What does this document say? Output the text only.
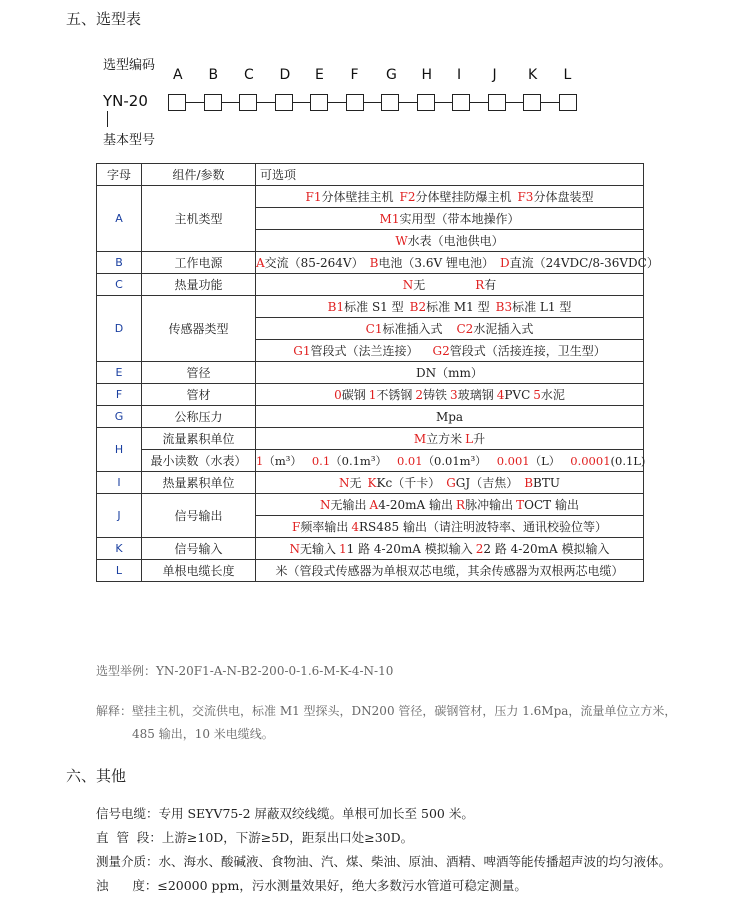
五、选型表
选型编码
A B C D E F G H I J K L
YN-20
基本型号
字母	组件/参数	可选项
A	主机类型	F1分体壁挂主机 F2分体壁挂防爆主机 F3分体盘装型
		M1实用型（带本地操作）
		W水表（电池供电）
B	工作电源	A交流（85-264V） B电池（3.6V 锂电池） D直流（24VDC/8-36VDC）
C	热量功能	N无 R有
D	传感器类型	B1标准 S1 型 B2标准 M1 型 B3标准 L1 型
		C1标准插入式 C2水泥插入式
		G1管段式（法兰连接） G2管段式（活接连接，卫生型）
E	管径	DN（mm）
F	管材	0碳钢 1不锈钢 2铸铁 3玻璃钢 4PVC 5水泥
G	公称压力	Mpa
H	流量累积单位	M立方米 L升
	最小读数（水表）	1（m³） 0.1（0.1m³） 0.01（0.01m³） 0.001（L） 0.0001(0.1L)
I	热量累积单位	N无 KKc（千卡） GGJ（吉焦） BBTU
J	信号输出	N无输出 A4-20mA 输出 R脉冲输出 TOCT 输出
		F频率输出 4RS485 输出（请注明波特率、通讯校验位等）
K	信号输入	N无输入 11 路 4-20mA 模拟输入 22 路 4-20mA 模拟输入
L	单根电缆长度	米（管段式传感器为单根双芯电缆，其余传感器为双根两芯电缆）
选型举例：YN-20F1-A-N-B2-200-0-1.6-M-K-4-N-10
解释：壁挂主机，交流供电，标准 M1 型探头，DN200 管径，碳钢管材，压力 1.6Mpa，流量单位立方米，
485 输出，10 米电缆线。
六、其他
信号电缆：专用 SEYV75-2 屏蔽双绞线缆。单根可加长至 500 米。
直  管  段：上游≥10D，下游≥5D，距泵出口处≥30D。
测量介质：水、海水、酸碱液、食物油、汽、煤、柴油、原油、酒精、啤酒等能传播超声波的均匀液体。
浊      度：≤20000 ppm，污水测量效果好，绝大多数污水管道可稳定测量。
